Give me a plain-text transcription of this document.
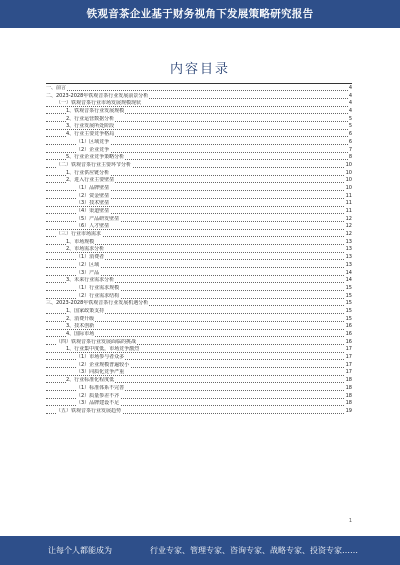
铁观音茶企业基于财务视角下发展策略研究报告
内容目录
一、前言	4
二、2023-2028年铁观音茶行业发展前景分析	4
（一）铁观音茶行业市场发展规模现状	4
1、铁观音茶行业发展规模	4
2、行业运营数据分析	5
3、行业发展所处阶段	5
4、行业主要竞争格局	6
（1）区域竞争	6
（2）企业竞争	7
5、行业企业竞争策略分析	8
（二）铁观音茶行业主要环节分析	10
1、行业供应链分析	10
2、进入行业主要壁垒	10
（1）品牌壁垒	10
（2）资金壁垒	11
（3）技术壁垒	11
（4）渠道壁垒	11
（5）产品研发壁垒	12
（6）人才壁垒	12
（三）行业市场需求	12
1、市场规模	13
2、市场需求分析	13
（1）消费者	13
（2）区域	13
（3）产品	14
3、未来行业需求分析	14
（1）行业需求规模	15
（2）行业需求结构	15
三、2023-2028年铁观音茶行业发展机遇分析	15
1、国家政策支持	15
2、消费升级	15
3、技术创新	16
4、国际市场	16
（四）铁观音茶行业发展面临的挑战	16
1、行业集中度低，市场竞争激烈	17
（1）市场参与者众多	17
（2）企业规模普遍较小	17
（3）同质化竞争严重	17
2、行业标准化程度低	18
（1）标准体系不完善	18
（2）质量参差不齐	18
（3）品牌建设不足	18
（五）铁观音茶行业发展趋势	19
1
让每个人都能成为	行业专家、管理专家、咨询专家、战略专家、投资专家……
